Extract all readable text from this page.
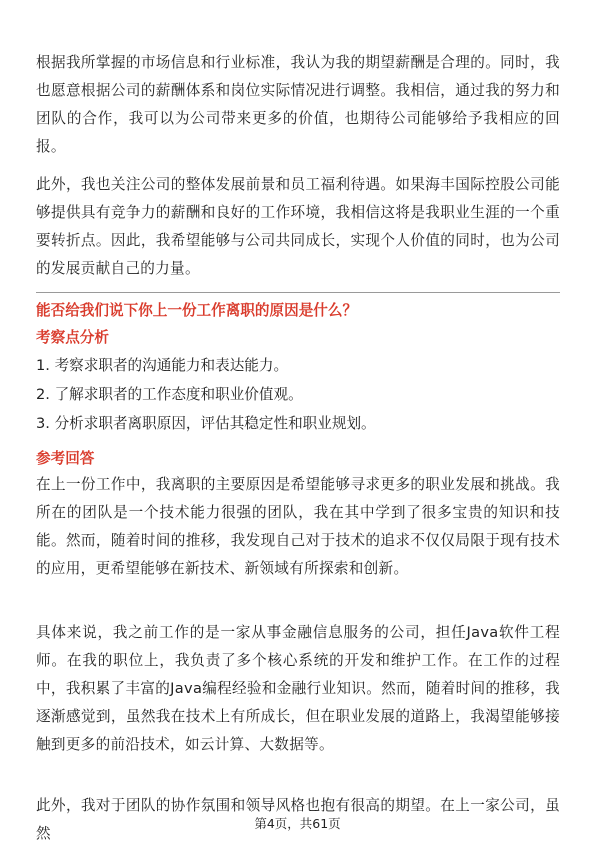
根据我所掌握的市场信息和行业标准，我认为我的期望薪酬是合理的。同时，我也愿意根据公司的薪酬体系和岗位实际情况进行调整。我相信，通过我的努力和团队的合作，我可以为公司带来更多的价值，也期待公司能够给予我相应的回报。

此外，我也关注公司的整体发展前景和员工福利待遇。如果海丰国际控股公司能够提供具有竞争力的薪酬和良好的工作环境，我相信这将是我职业生涯的一个重要转折点。因此，我希望能够与公司共同成长，实现个人价值的同时，也为公司的发展贡献自己的力量。

能否给我们说下你上一份工作离职的原因是什么？

考察点分析

1. 考察求职者的沟通能力和表达能力。

2. 了解求职者的工作态度和职业价值观。

3. 分析求职者离职原因，评估其稳定性和职业规划。

参考回答

在上一份工作中，我离职的主要原因是希望能够寻求更多的职业发展和挑战。我所在的团队是一个技术能力很强的团队，我在其中学到了很多宝贵的知识和技能。然而，随着时间的推移，我发现自己对于技术的追求不仅仅局限于现有技术的应用，更希望能够在新技术、新领域有所探索和创新。

具体来说，我之前工作的是一家从事金融信息服务的公司，担任Java软件工程师。在我的职位上，我负责了多个核心系统的开发和维护工作。在工作的过程中，我积累了丰富的Java编程经验和金融行业知识。然而，随着时间的推移，我逐渐感觉到，虽然我在技术上有所成长，但在职业发展的道路上，我渴望能够接触到更多的前沿技术，如云计算、大数据等。

此外，我对于团队的协作氛围和领导风格也抱有很高的期望。在上一家公司，虽然

第4页，共61页
